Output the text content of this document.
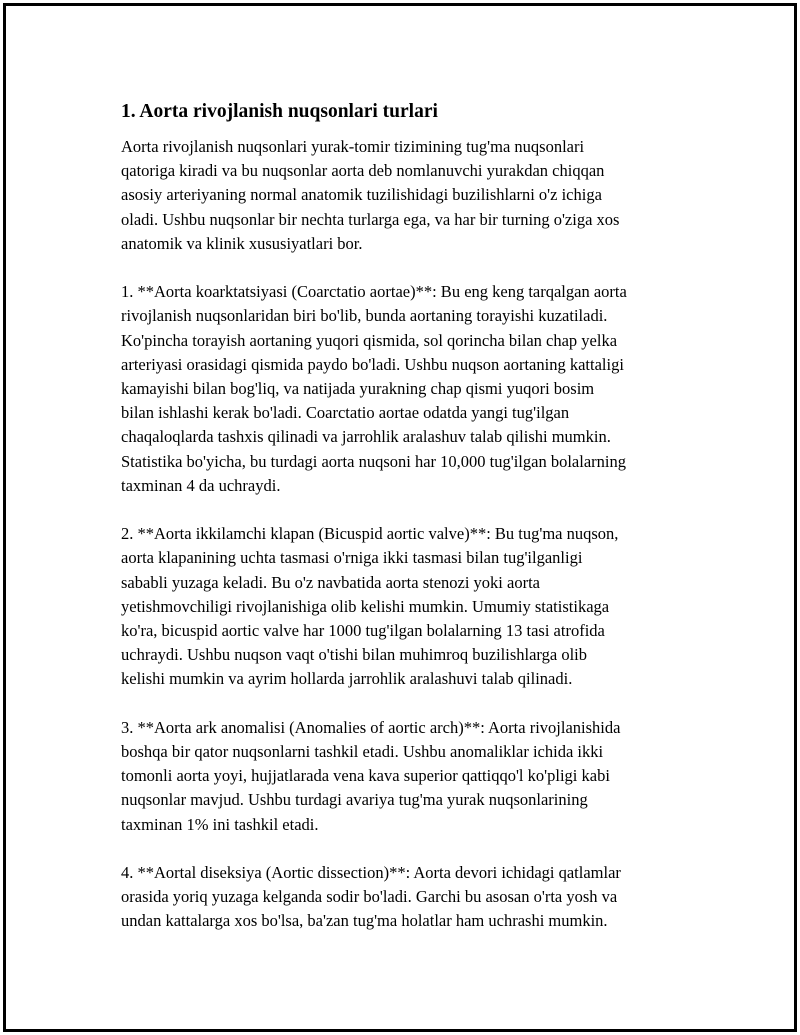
1. Aorta rivojlanish nuqsonlari turlari

Aorta rivojlanish nuqsonlari yurak-tomir tizimining tug'ma nuqsonlari
qatoriga kiradi va bu nuqsonlar aorta deb nomlanuvchi yurakdan chiqqan
asosiy arteriyaning normal anatomik tuzilishidagi buzilishlarni o'z ichiga
oladi. Ushbu nuqsonlar bir nechta turlarga ega, va har bir turning o'ziga xos
anatomik va klinik xususiyatlari bor.

1. **Aorta koarktatsiyasi (Coarctatio aortae)**: Bu eng keng tarqalgan aorta
rivojlanish nuqsonlaridan biri bo'lib, bunda aortaning torayishi kuzatiladi.
Ko'pincha torayish aortaning yuqori qismida, sol qorincha bilan chap yelka
arteriyasi orasidagi qismida paydo bo'ladi. Ushbu nuqson aortaning kattaligi
kamayishi bilan bog'liq, va natijada yurakning chap qismi yuqori bosim
bilan ishlashi kerak bo'ladi. Coarctatio aortae odatda yangi tug'ilgan
chaqaloqlarda tashxis qilinadi va jarrohlik aralashuv talab qilishi mumkin.
Statistika bo'yicha, bu turdagi aorta nuqsoni har 10,000 tug'ilgan bolalarning
taxminan 4 da uchraydi.

2. **Aorta ikkilamchi klapan (Bicuspid aortic valve)**: Bu tug'ma nuqson,
aorta klapanining uchta tasmasi o'rniga ikki tasmasi bilan tug'ilganligi
sababli yuzaga keladi. Bu o'z navbatida aorta stenozi yoki aorta
yetishmovchiligi rivojlanishiga olib kelishi mumkin. Umumiy statistikaga
ko'ra, bicuspid aortic valve har 1000 tug'ilgan bolalarning 13 tasi atrofida
uchraydi. Ushbu nuqson vaqt o'tishi bilan muhimroq buzilishlarga olib
kelishi mumkin va ayrim hollarda jarrohlik aralashuvi talab qilinadi.

3. **Aorta ark anomalisi (Anomalies of aortic arch)**: Aorta rivojlanishida
boshqa bir qator nuqsonlarni tashkil etadi. Ushbu anomaliklar ichida ikki
tomonli aorta yoyi, hujjatlarada vena kava superior qattiqqo'l ko'pligi kabi
nuqsonlar mavjud. Ushbu turdagi avariya tug'ma yurak nuqsonlarining
taxminan 1% ini tashkil etadi.

4. **Aortal diseksiya (Aortic dissection)**: Aorta devori ichidagi qatlamlar
orasida yoriq yuzaga kelganda sodir bo'ladi. Garchi bu asosan o'rta yosh va
undan kattalarga xos bo'lsa, ba'zan tug'ma holatlar ham uchrashi mumkin.
